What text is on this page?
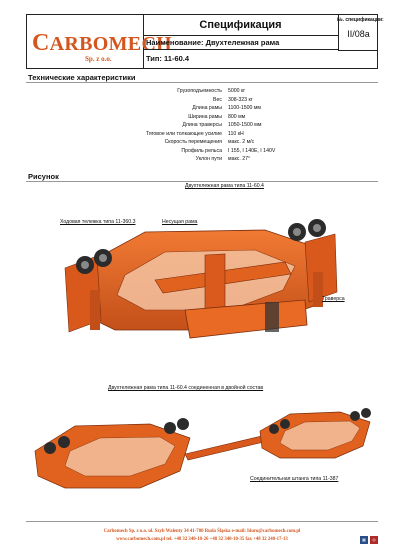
CARBOMECH
Sp. z o.o.
Спецификация	№. спецификации:
II/08a
Наименование: Двухтележная рама
Тип: 11-60.4
Технические характеристики
Грузоподъемность 5000 кг
Вес 308-323 кг
Длина рамы 1100-1500 мм
Ширина рамы 800 мм
Длина траверсы 1050-1500 мм
Тяговое или толкающее усилие 110 кН
Скорость перемещения макс. 2 м/с
Профиль рельса I 155, I 140E, I 140V
Уклон пути макс. 27°
Рисунок
Двухтележная рама типа 11-60.4
Ходовая тележка типа 11-360.3	Несущая рама
Траверса
Двухтележная рама типа 11-60.4 соединенная в двойной состав
Соединительная штанга типа 11-387
Carbomech Sp. z o.o. ul. Szyb Walenty 34 41-700 Ruda Śląska e-mail: biuro@carbomech.com.pl
www.carbomech.com.pl tel. +48 32 340-10-26 +48 32 340-10-35 fax +48 32 240-17-13	▦ ◎
